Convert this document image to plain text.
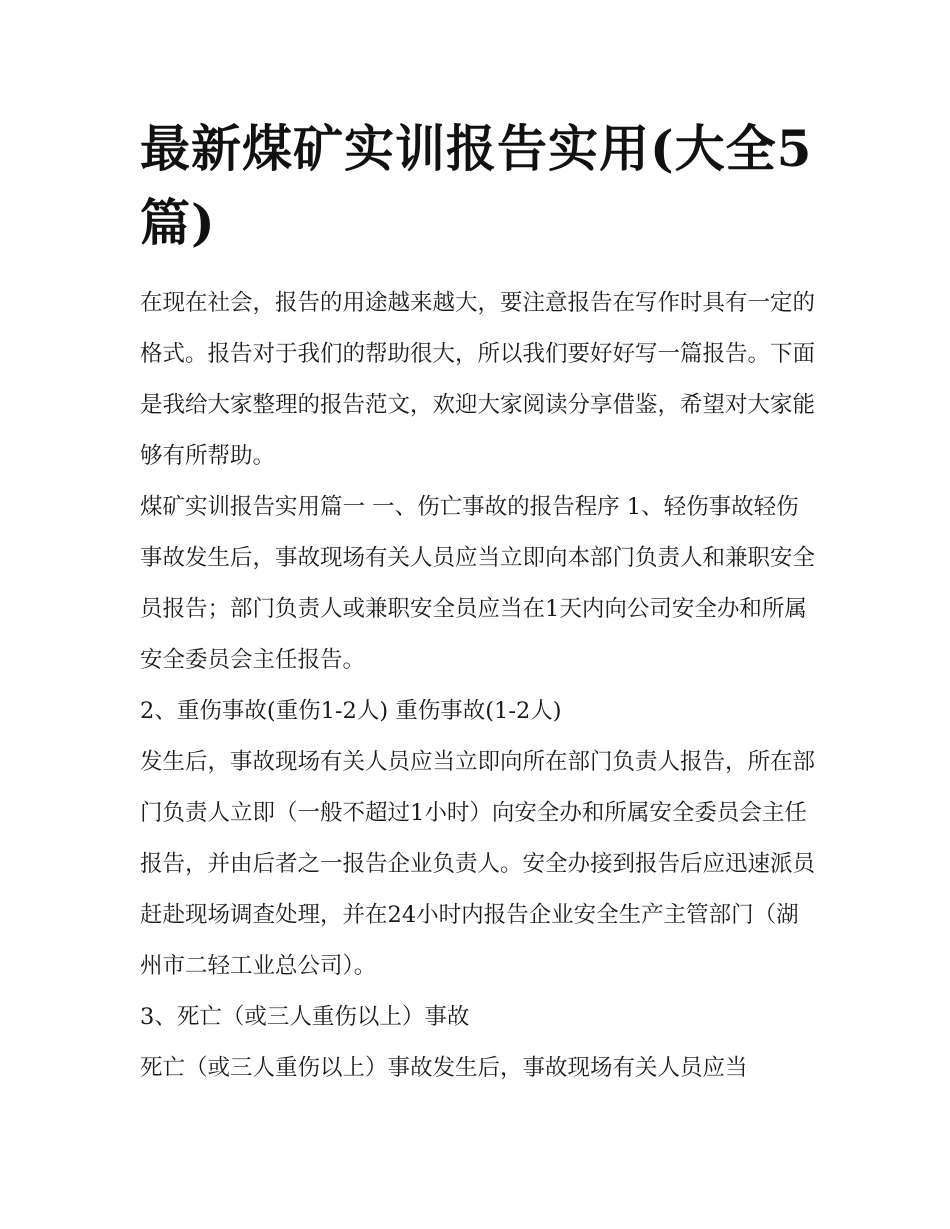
最新煤矿实训报告实用(大全5篇)

在现在社会，报告的用途越来越大，要注意报告在写作时具有一定的格式。报告对于我们的帮助很大，所以我们要好好写一篇报告。下面是我给大家整理的报告范文，欢迎大家阅读分享借鉴，希望对大家能够有所帮助。

煤矿实训报告实用篇一 一、伤亡事故的报告程序 1、轻伤事故轻伤事故发生后，事故现场有关人员应当立即向本部门负责人和兼职安全员报告；部门负责人或兼职安全员应当在1天内向公司安全办和所属安全委员会主任报告。

2、重伤事故(重伤1-2人) 重伤事故(1-2人)

发生后，事故现场有关人员应当立即向所在部门负责人报告，所在部门负责人立即（一般不超过1小时）向安全办和所属安全委员会主任报告，并由后者之一报告企业负责人。安全办接到报告后应迅速派员赶赴现场调查处理，并在24小时内报告企业安全生产主管部门（湖州市二轻工业总公司）。

3、死亡（或三人重伤以上）事故

死亡（或三人重伤以上）事故发生后，事故现场有关人员应当
